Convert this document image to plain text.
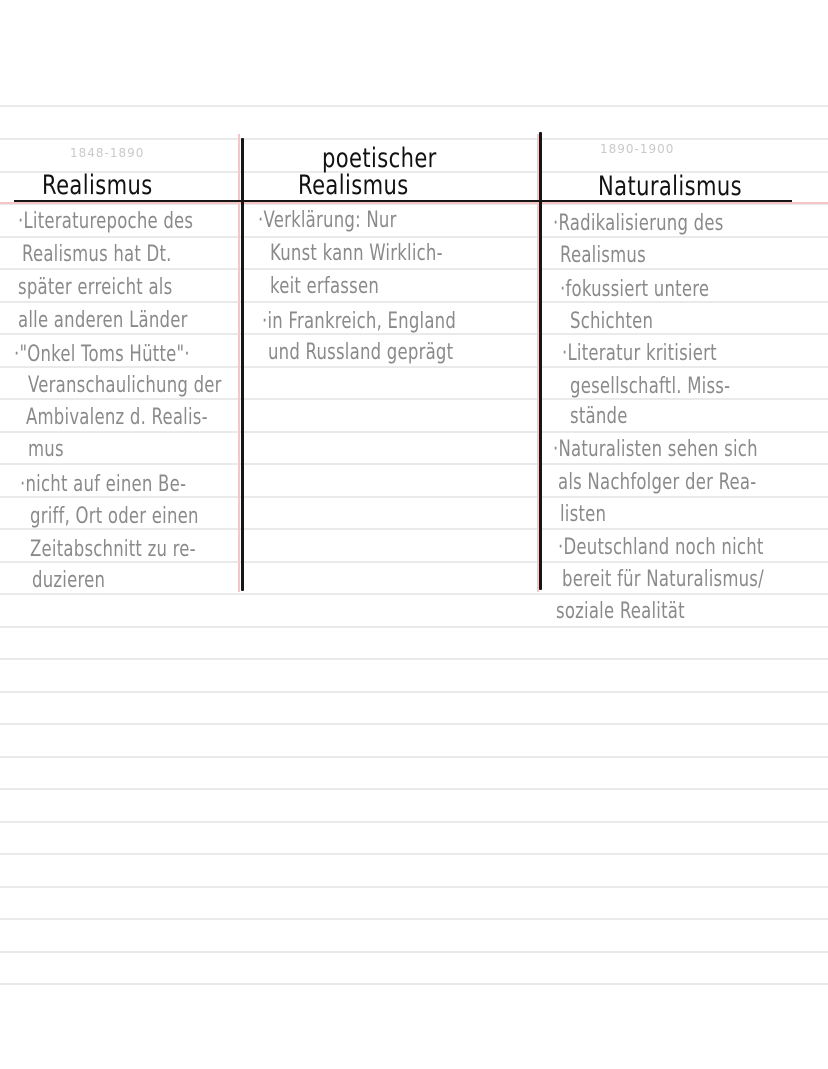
1848-1890
Realismus
·Literaturepoche des
Realismus hat Dt.
später erreicht als
alle anderen Länder
·"Onkel Toms Hütte"·
Veranschaulichung der
Ambivalenz d. Realis-
mus
·nicht auf einen Be-
griff, Ort oder einen
Zeitabschnitt zu re-
duzieren
poetischer
Realismus
·Verklärung: Nur
Kunst kann Wirklich-
keit erfassen
·in Frankreich, England
und Russland geprägt
1890-1900
Naturalismus
·Radikalisierung des
Realismus
·fokussiert untere
Schichten
·Literatur kritisiert
gesellschaftl. Miss-
stände
·Naturalisten sehen sich
als Nachfolger der Rea-
listen
·Deutschland noch nicht
bereit für Naturalismus/
soziale Realität
